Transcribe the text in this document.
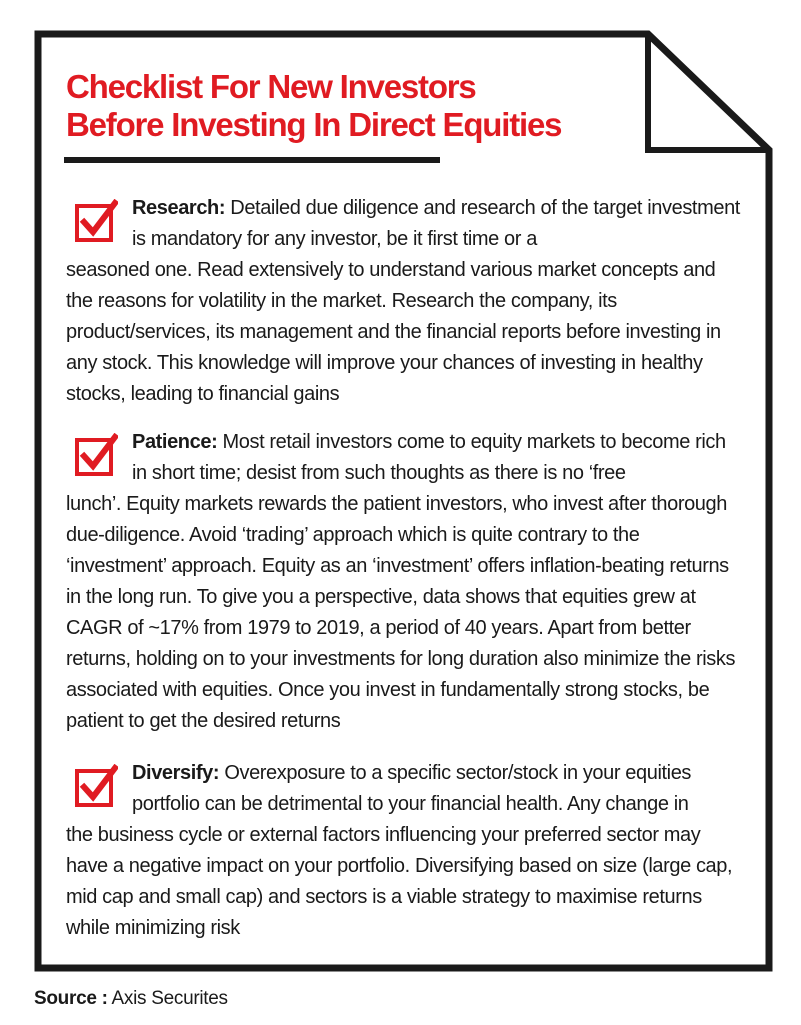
Checklist For New Investors
Before Investing In Direct Equities

Research: Detailed due diligence and research of the target investment is mandatory for any investor, be it first time or a
seasoned one. Read extensively to understand various market concepts and the reasons for volatility in the market. Research the company, its product/services, its management and the financial reports before investing in any stock. This knowledge will improve your chances of investing in healthy stocks, leading to financial gains

Patience: Most retail investors come to equity markets to become rich in short time; desist from such thoughts as there is no ‘free
lunch’. Equity markets rewards the patient investors, who invest after thorough due-diligence. Avoid ‘trading’ approach which is quite contrary to the ‘investment’ approach. Equity as an ‘investment’ offers inflation-beating returns in the long run. To give you a perspective, data shows that equities grew at CAGR of ~17% from 1979 to 2019, a period of 40 years. Apart from better returns, holding on to your investments for long duration also minimize the risks associated with equities. Once you invest in fundamentally strong stocks, be patient to get the desired returns

Diversify: Overexposure to a specific sector/stock in your equities portfolio can be detrimental to your financial health. Any change in
the business cycle or external factors influencing your preferred sector may have a negative impact on your portfolio. Diversifying based on size (large cap, mid cap and small cap) and sectors is a viable strategy to maximise returns while minimizing risk

Source : Axis Securites
